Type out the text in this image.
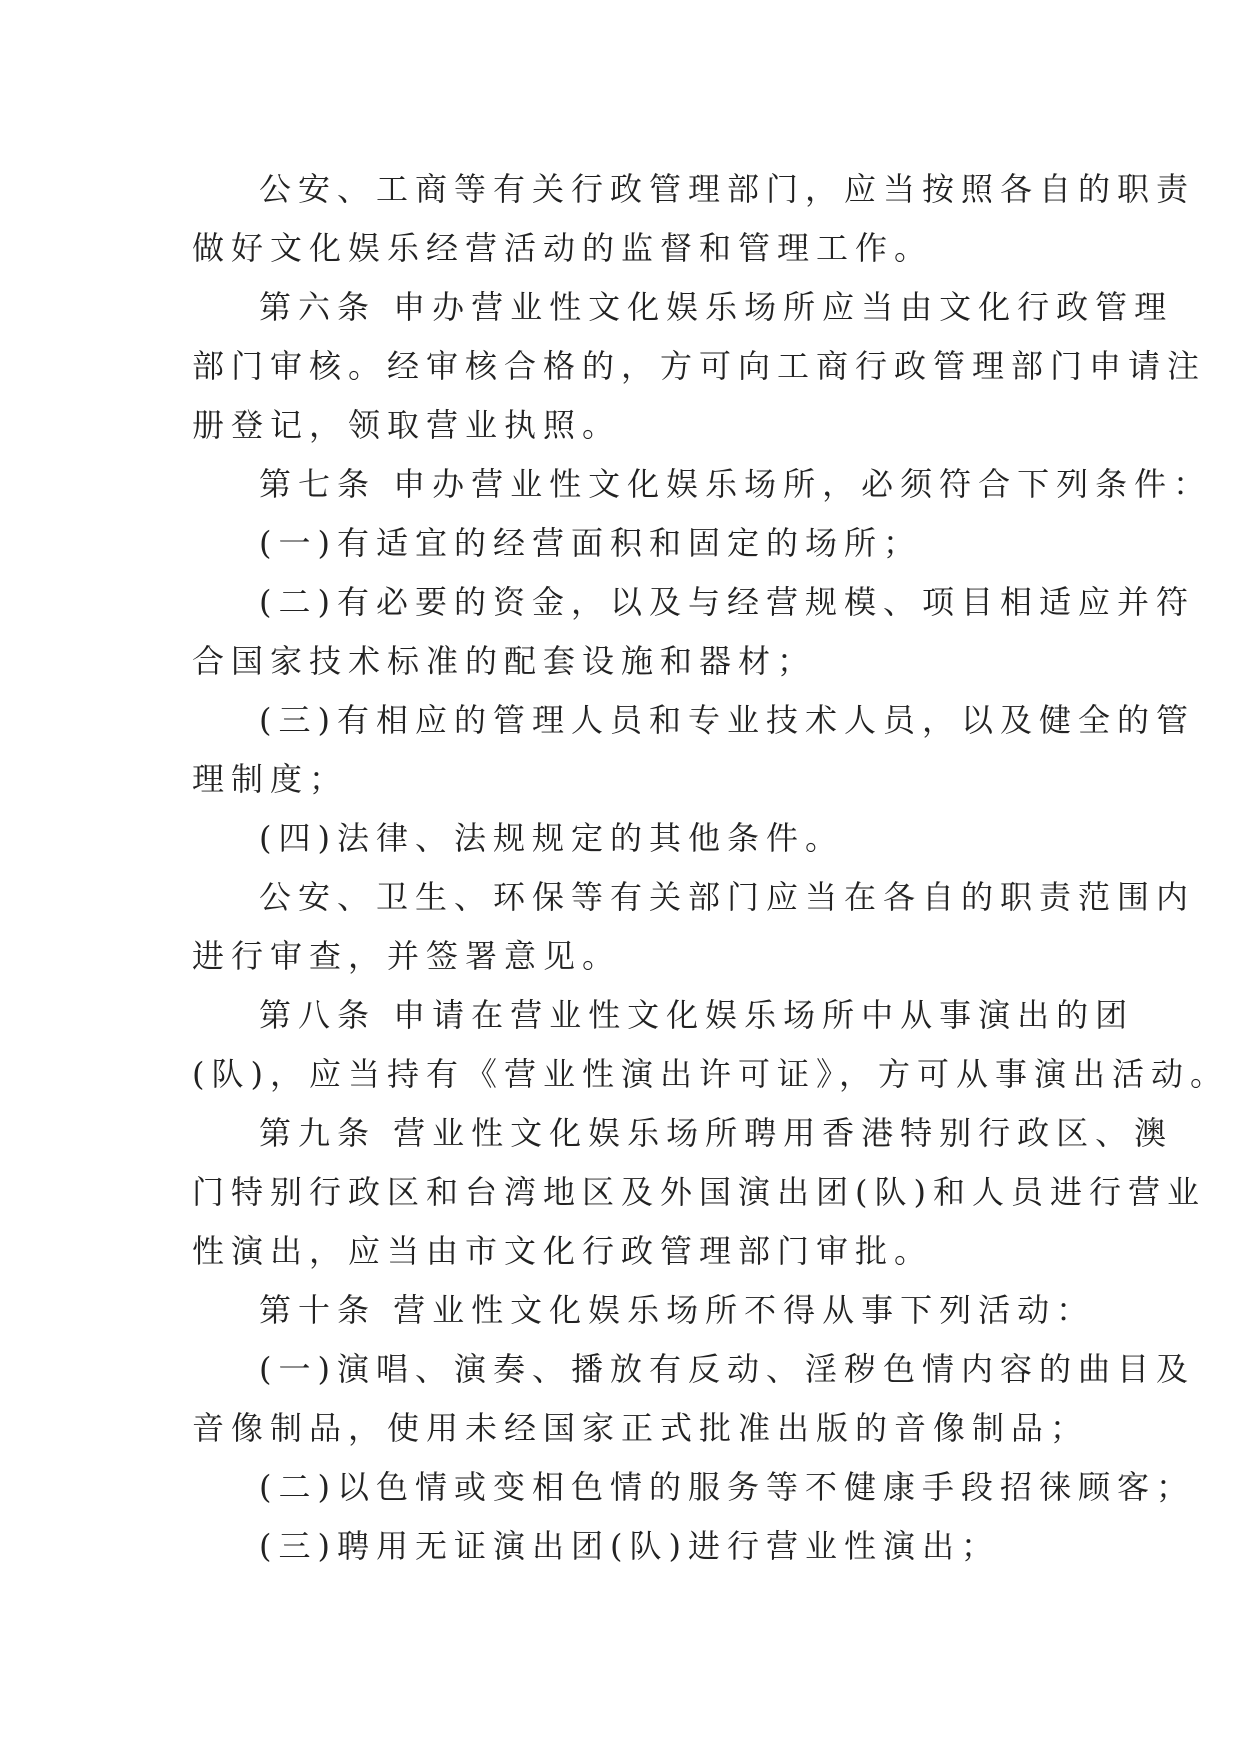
公安、工商等有关行政管理部门，应当按照各自的职责
做好文化娱乐经营活动的监督和管理工作。
第六条 申办营业性文化娱乐场所应当由文化行政管理
部门审核。经审核合格的，方可向工商行政管理部门申请注
册登记，领取营业执照。
第七条 申办营业性文化娱乐场所，必须符合下列条件：
(一)有适宜的经营面积和固定的场所；
(二)有必要的资金，以及与经营规模、项目相适应并符
合国家技术标准的配套设施和器材；
(三)有相应的管理人员和专业技术人员，以及健全的管
理制度；
(四)法律、法规规定的其他条件。
公安、卫生、环保等有关部门应当在各自的职责范围内
进行审查，并签署意见。
第八条 申请在营业性文化娱乐场所中从事演出的团
(队)，应当持有《营业性演出许可证》，方可从事演出活动。
第九条 营业性文化娱乐场所聘用香港特别行政区、澳
门特别行政区和台湾地区及外国演出团(队)和人员进行营业
性演出，应当由市文化行政管理部门审批。
第十条 营业性文化娱乐场所不得从事下列活动：
(一)演唱、演奏、播放有反动、淫秽色情内容的曲目及
音像制品，使用未经国家正式批准出版的音像制品；
(二)以色情或变相色情的服务等不健康手段招徕顾客；
(三)聘用无证演出团(队)进行营业性演出；
